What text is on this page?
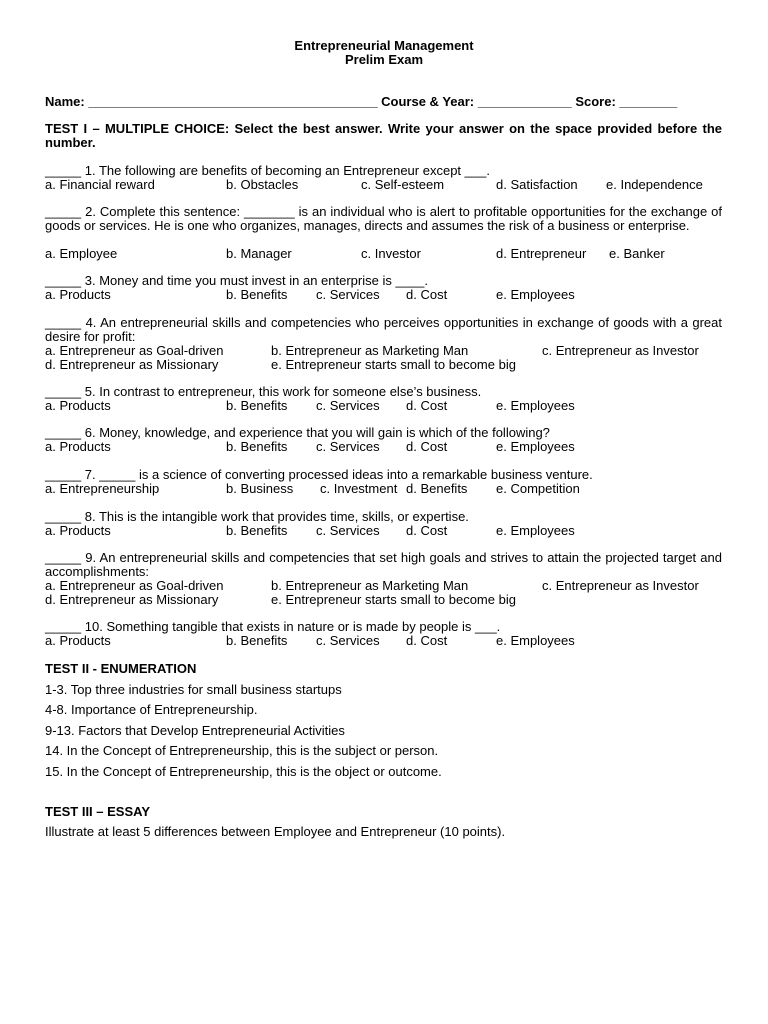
Entrepreneurial Management
Prelim Exam
Name: ________________________________________ Course & Year: _____________ Score: ________
TEST I – MULTIPLE CHOICE: Select the best answer. Write your answer on the space provided before the number.
_____ 1. The following are benefits of becoming an Entrepreneur except ___.
a. Financial reward	b. Obstacles	c. Self-esteem	d. Satisfaction e. Independence
_____ 2. Complete this sentence: _______ is an individual who is alert to profitable opportunities for the exchange of goods or services. He is one who organizes, manages, directs and assumes the risk of a business or enterprise.
a. Employee	b. Manager	c. Investor	d. Entrepreneur e. Banker
_____ 3. Money and time you must invest in an enterprise is ____.
a. Products	b. Benefits c. Services d. Cost	e. Employees
_____ 4. An entrepreneurial skills and competencies who perceives opportunities in exchange of goods with a great desire for profit:
a. Entrepreneur as Goal-driven	b. Entrepreneur as Marketing Man	c. Entrepreneur as Investor
d. Entrepreneur as Missionary	e. Entrepreneur starts small to become big
_____ 5. In contrast to entrepreneur, this work for someone else’s business.
a. Products	b. Benefits c. Services d. Cost	e. Employees
_____ 6. Money, knowledge, and experience that you will gain is which of the following?
a. Products	b. Benefits c. Services d. Cost	e. Employees
_____ 7. _____ is a science of converting processed ideas into a remarkable business venture.
a. Entrepreneurship	b. Business c. Investment d. Benefits e. Competition
_____ 8. This is the intangible work that provides time, skills, or expertise.
a. Products	b. Benefits c. Services d. Cost	e. Employees
_____ 9. An entrepreneurial skills and competencies that set high goals and strives to attain the projected target and accomplishments:
a. Entrepreneur as Goal-driven	b. Entrepreneur as Marketing Man	c. Entrepreneur as Investor
d. Entrepreneur as Missionary	e. Entrepreneur starts small to become big
_____ 10. Something tangible that exists in nature or is made by people is ___.
a. Products	b. Benefits c. Services d. Cost	e. Employees
TEST II - ENUMERATION
1-3. Top three industries for small business startups
4-8. Importance of Entrepreneurship.
9-13. Factors that Develop Entrepreneurial Activities
14. In the Concept of Entrepreneurship, this is the subject or person.
15. In the Concept of Entrepreneurship, this is the object or outcome.
TEST III – ESSAY
Illustrate at least 5 differences between Employee and Entrepreneur (10 points).
